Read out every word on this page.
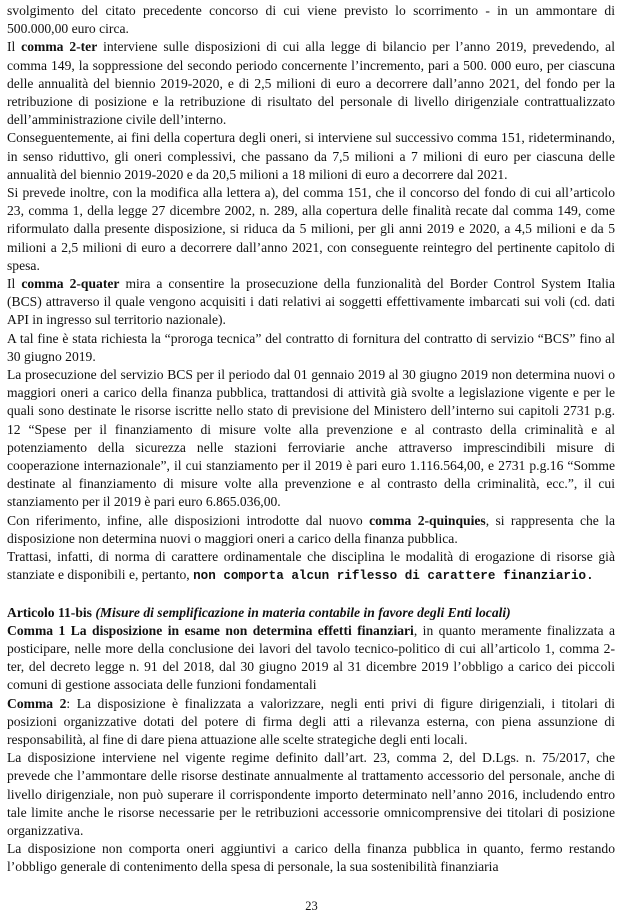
svolgimento del citato precedente concorso di cui viene previsto lo scorrimento - in un ammontare di 500.000,00 euro circa.

Il comma 2-ter interviene sulle disposizioni di cui alla legge di bilancio per l’anno 2019, prevedendo, al comma 149, la soppressione del secondo periodo concernente l’incremento, pari a 500. 000 euro, per ciascuna delle annualità del biennio 2019-2020, e di 2,5 milioni di euro a decorrere dall’anno 2021, del fondo per la retribuzione di posizione e la retribuzione di risultato del personale di livello dirigenziale contrattualizzato dell’amministrazione civile dell’interno.

Conseguentemente, ai fini della copertura degli oneri, si interviene sul successivo comma 151, rideterminando, in senso riduttivo, gli oneri complessivi, che passano da 7,5 milioni a 7 milioni di euro per ciascuna delle annualità del biennio 2019-2020 e da 20,5 milioni a 18 milioni di euro a decorrere dal 2021.

Si prevede inoltre, con la modifica alla lettera a), del comma 151, che il concorso del fondo di cui all’articolo 23, comma 1, della legge 27 dicembre 2002, n. 289, alla copertura delle finalità recate dal comma 149, come riformulato dalla presente disposizione, si riduca da 5 milioni, per gli anni 2019 e 2020, a 4,5 milioni e da 5 milioni a 2,5 milioni di euro a decorrere dall’anno 2021, con conseguente reintegro del pertinente capitolo di spesa.

Il comma 2-quater mira a consentire la prosecuzione della funzionalità del Border Control System Italia (BCS) attraverso il quale vengono acquisiti i dati relativi ai soggetti effettivamente imbarcati sui voli (cd. dati API in ingresso sul territorio nazionale).

A tal fine è stata richiesta la “proroga tecnica” del contratto di fornitura del contratto di servizio “BCS” fino al 30 giugno 2019.

La prosecuzione del servizio BCS per il periodo dal 01 gennaio 2019 al 30 giugno 2019 non determina nuovi o maggiori oneri a carico della finanza pubblica, trattandosi di attività già svolte a legislazione vigente e per le quali sono destinate le risorse iscritte nello stato di previsione del Ministero dell’interno sui capitoli 2731 p.g. 12 “Spese per il finanziamento di misure volte alla prevenzione e al contrasto della criminalità e al potenziamento della sicurezza nelle stazioni ferroviarie anche attraverso imprescindibili misure di cooperazione internazionale”, il cui stanziamento per il 2019 è pari euro 1.116.564,00, e 2731 p.g.16 “Somme destinate al finanziamento di misure volte alla prevenzione e al contrasto della criminalità, ecc.”, il cui stanziamento per il 2019 è pari euro 6.865.036,00.

Con riferimento, infine, alle disposizioni introdotte dal nuovo comma 2-quinquies, si rappresenta che la disposizione non determina nuovi o maggiori oneri a carico della finanza pubblica.

Trattasi, infatti, di norma di carattere ordinamentale che disciplina le modalità di erogazione di risorse già stanziate e disponibili e, pertanto, non comporta alcun riflesso di carattere finanziario.

Articolo 11-bis (Misure di semplificazione in materia contabile in favore degli Enti locali)

Comma 1 La disposizione in esame non determina effetti finanziari, in quanto meramente finalizzata a posticipare, nelle more della conclusione dei lavori del tavolo tecnico-politico di cui all’articolo 1, comma 2-ter, del decreto legge n. 91 del 2018, dal 30 giugno 2019 al 31 dicembre 2019 l’obbligo a carico dei piccoli comuni di gestione associata delle funzioni fondamentali

Comma 2: La disposizione è finalizzata a valorizzare, negli enti privi di figure dirigenziali, i titolari di posizioni organizzative dotati del potere di firma degli atti a rilevanza esterna, con piena assunzione di responsabilità, al fine di dare piena attuazione alle scelte strategiche degli enti locali.

La disposizione interviene nel vigente regime definito dall’art. 23, comma 2, del D.Lgs. n. 75/2017, che prevede che l’ammontare delle risorse destinate annualmente al trattamento accessorio del personale, anche di livello dirigenziale, non può superare il corrispondente importo determinato nell’anno 2016, includendo entro tale limite anche le risorse necessarie per le retribuzioni accessorie omnicomprensive dei titolari di posizione organizzativa.

La disposizione non comporta oneri aggiuntivi a carico della finanza pubblica in quanto, fermo restando l’obbligo generale di contenimento della spesa di personale, la sua sostenibilità finanziaria

23
